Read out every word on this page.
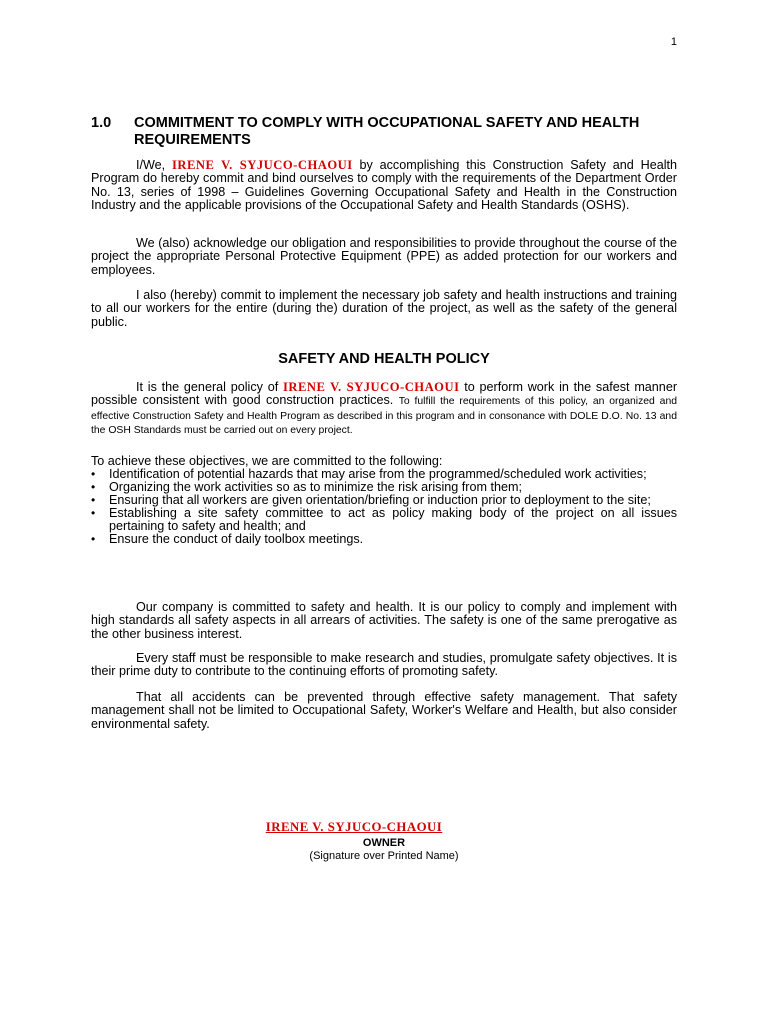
1
1.0	COMMITMENT TO COMPLY WITH OCCUPATIONAL SAFETY AND HEALTH REQUIREMENTS

I/We, IRENE V. SYJUCO-CHAOUI by accomplishing this Construction Safety and Health Program do hereby commit and bind ourselves to comply with the requirements of the Department Order No. 13, series of 1998 – Guidelines Governing Occupational Safety and Health in the Construction Industry and the applicable provisions of the Occupational Safety and Health Standards (OSHS).

We (also) acknowledge our obligation and responsibilities to provide throughout the course of the project the appropriate Personal Protective Equipment (PPE) as added protection for our workers and employees.

I also (hereby) commit to implement the necessary job safety and health instructions and training to all our workers for the entire (during the) duration of the project, as well as the safety of the general public.

SAFETY AND HEALTH POLICY

It is the general policy of IRENE V. SYJUCO-CHAOUI to perform work in the safest manner possible consistent with good construction practices. To fulfill the requirements of this policy, an organized and effective Construction Safety and Health Program as described in this program and in consonance with DOLE D.O. No. 13 and the OSH Standards must be carried out on every project.

To achieve these objectives, we are committed to the following:

• Identification of potential hazards that may arise from the programmed/scheduled work activities;
• Organizing the work activities so as to minimize the risk arising from them;
• Ensuring that all workers are given orientation/briefing or induction prior to deployment to the site;
• Establishing a site safety committee to act as policy making body of the project on all issues pertaining to safety and health; and
• Ensure the conduct of daily toolbox meetings.

Our company is committed to safety and health. It is our policy to comply and implement with high standards all safety aspects in all arrears of activities. The safety is one of the same prerogative as the other business interest.

Every staff must be responsible to make research and studies, promulgate safety objectives. It is their prime duty to contribute to the continuing efforts of promoting safety.

That all accidents can be prevented through effective safety management. That safety management shall not be limited to Occupational Safety, Worker's Welfare and Health, but also consider environmental safety.

IRENE V. SYJUCO-CHAOUI
OWNER
(Signature over Printed Name)
